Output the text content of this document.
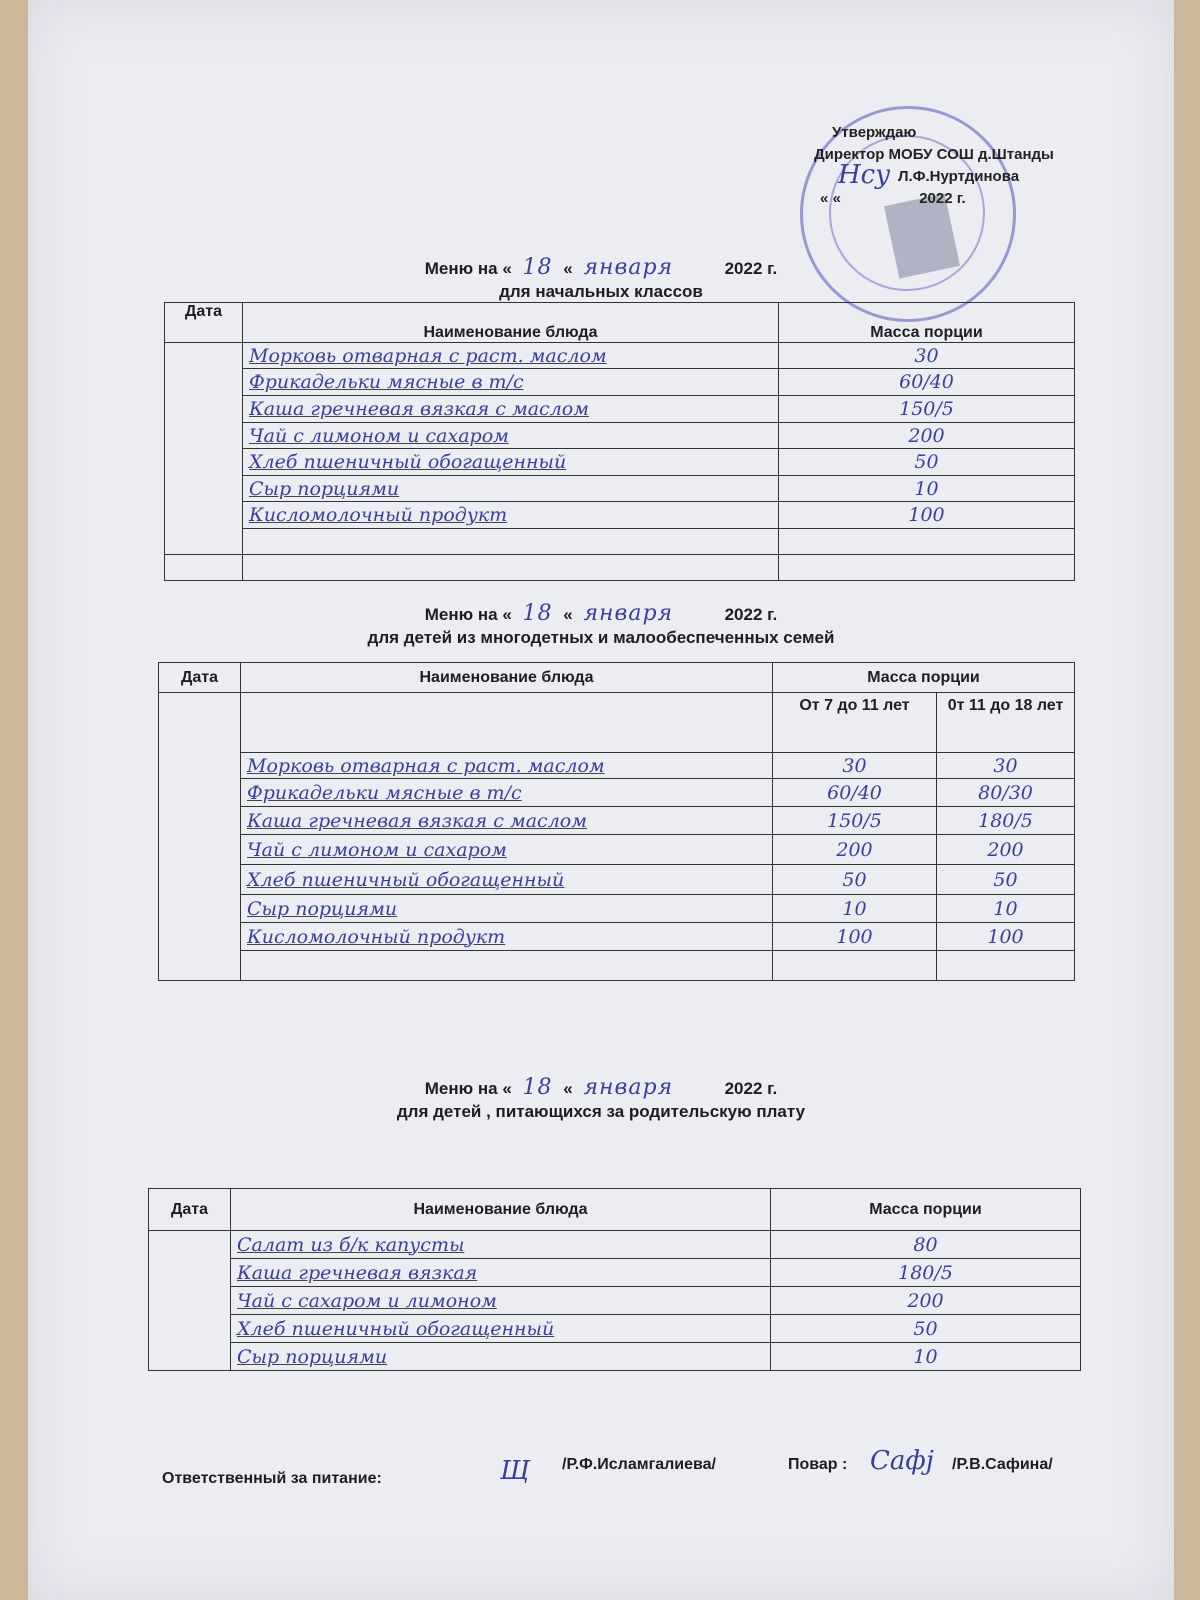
Утверждаю
Директор МОБУ СОШ д.Штанды
Л.Ф.Нуртдинова
« «	2022 г.
Hcy
Меню на « 18 « января	2022 г.
для начальных классов
Дата	Наименование блюда	Масса порции
	Морковь отварная с раст. маслом	30
	Фрикадельки мясные в т/с	60/40
	Каша гречневая вязкая с маслом	150/5
	Чай с лимоном и сахаром	200
	Хлеб пшеничный обогащенный	50
	Сыр порциями	10
	Кисломолочный продукт	100

Меню на « 18 « января	2022 г.
для детей из многодетных и малообеспеченных семей
Дата	Наименование блюда	Масса порции	
		От 7 до 11 лет	0т 11 до 18 лет
	Морковь отварная с раст. маслом	30	30
	Фрикадельки мясные в т/с	60/40	80/30
	Каша гречневая вязкая с маслом	150/5	180/5
	Чай с лимоном и сахаром	200	200
	Хлеб пшеничный обогащенный	50	50
	Сыр порциями	10	10
	Кисломолочный продукт	100	100

Меню на « 18 « января	2022 г.
для детей , питающихся за родительскую плату
Дата	Наименование блюда	Масса порции
	Салат из б/к капусты	80
	Каша гречневая вязкая	180/5
	Чай с сахаром и лимоном	200
	Хлеб пшеничный обогащенный	50
	Сыр порциями	10
Ответственный за питание:	Щ /Р.Ф.Исламгалиева/	Повар : Сафј /Р.В.Сафина/
